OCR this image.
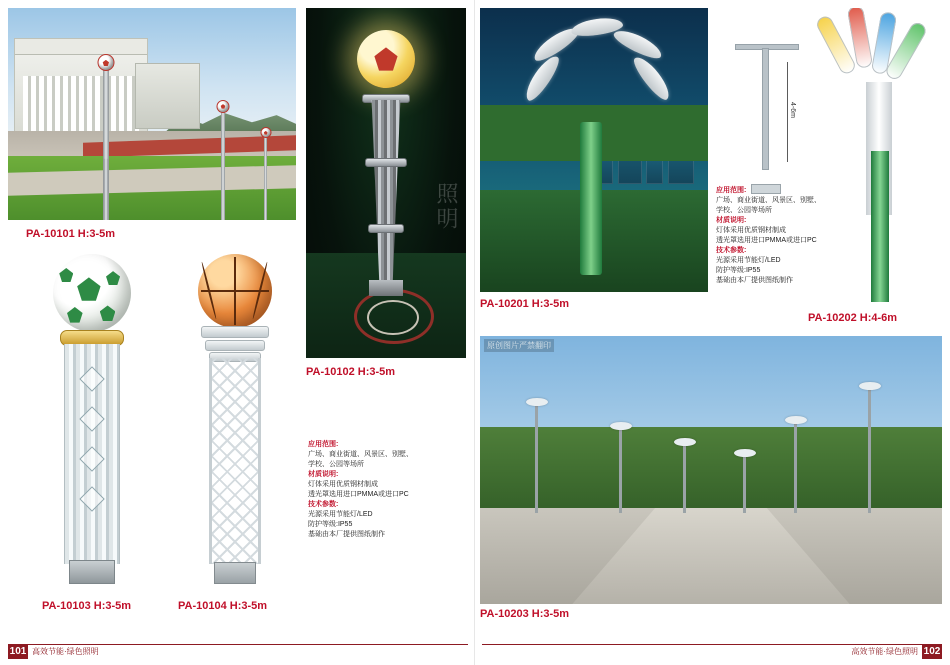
PA-10101 H:3-5m
照明
PA-10102 H:3-5m
PA-10103 H:3-5m	PA-10104 H:3-5m
应用范围:
广场、商业街道、风景区、别墅、
学校、公园等场所
材质说明:
灯体采用优质钢材制成
透光罩选用进口PMMA或进口PC
技术参数:
光源采用节能灯/LED
防护等级:IP55
基础由本厂提供图纸制作
PA-10201 H:3-5m
4-6m
PA-10202 H:4-6m
应用范围:
广场、商业街道、风景区、别墅、
学校、公园等场所
材质说明:
灯体采用优质钢材制成
透光罩选用进口PMMA或进口PC
技术参数:
光源采用节能灯/LED
防护等级:IP55
基础由本厂提供图纸制作
原创图片严禁翻印
PA-10203 H:3-5m
101 高效节能·绿色照明	高效节能·绿色照明 102
